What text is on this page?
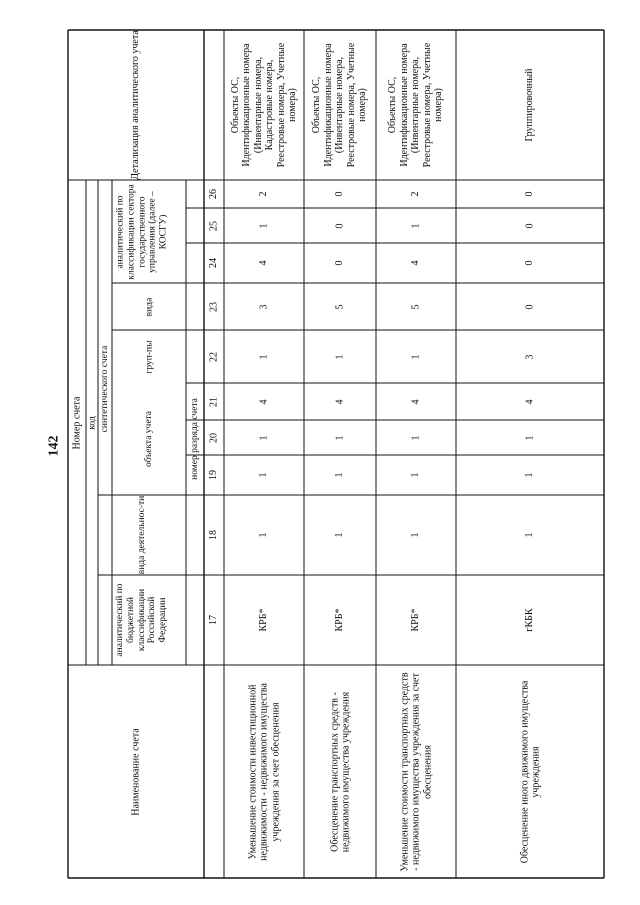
142
Наименование счета
Номер счета код
аналитический по бюджетной классификации Российской Федерации
вида деятельнос-ти
синтетического счета
объекта учета
груп-пы
вида
аналитический по классификации сектора государственного управления (далее – КОСГУ)
номер разряда счета
Детализация аналитического учета
17
18
19
20
21
22
23
24
25
26
Уменьшение стоимости инвестиционной недвижимости - недвижимого имущества учреждения за счет обесценения
КРБ*
1
1
1
4
1
3
4
1
2
Объекты ОС, Идентификационные номера (Инвентарные номера, Кадастровые номера, Реестровые номера, Учетные номера)
Обесценение транспортных средств - недвижимого имущества учреждения
КРБ*
1
1
1
4
1
5
0
0
0
Объекты ОС, Идентификационные номера (Инвентарные номера, Реестровые номера, Учетные номера)
Уменьшение стоимости транспортных средств - недвижимого имущества учреждения за счет обесценения
КРБ*
1
1
1
4
1
5
4
1
2
Объекты ОС, Идентификационные номера (Инвентарные номера, Реестровые номера, Учетные номера)
Обесценение иного движимого имущества учреждения
гКБК
1
1
1
4
3
0
0
0
0
Группировочный
